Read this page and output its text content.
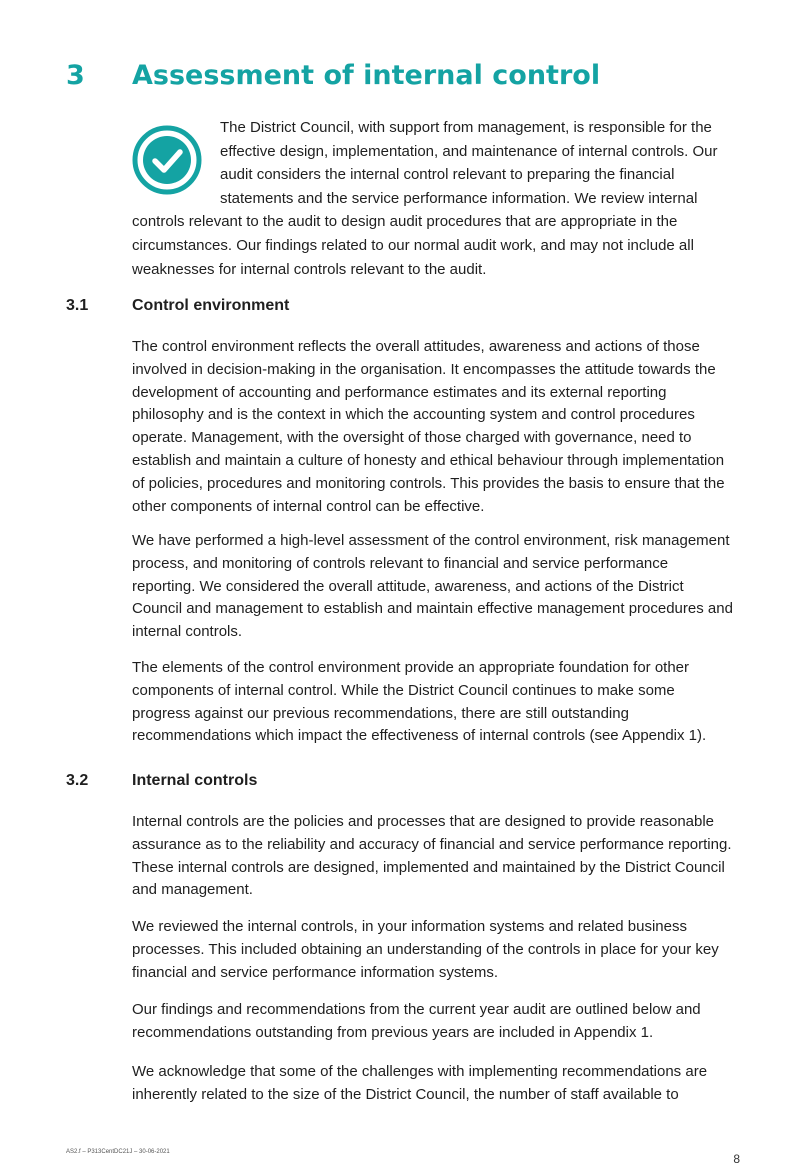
3 Assessment of internal control

The District Council, with support from management, is responsible for the effective design, implementation, and maintenance of internal controls. Our audit considers the internal control relevant to preparing the financial statements and the service performance information. We review internal controls relevant to the audit to design audit procedures that are appropriate in the circumstances. Our findings related to our normal audit work, and may not include all weaknesses for internal controls relevant to the audit.

3.1	Control environment

The control environment reflects the overall attitudes, awareness and actions of those involved in decision-making in the organisation. It encompasses the attitude towards the development of accounting and performance estimates and its external reporting philosophy and is the context in which the accounting system and control procedures operate. Management, with the oversight of those charged with governance, need to establish and maintain a culture of honesty and ethical behaviour through implementation of policies, procedures and monitoring controls. This provides the basis to ensure that the other components of internal control can be effective.

We have performed a high-level assessment of the control environment, risk management process, and monitoring of controls relevant to financial and service performance reporting. We considered the overall attitude, awareness, and actions of the District Council and management to establish and maintain effective management procedures and internal controls.

The elements of the control environment provide an appropriate foundation for other components of internal control. While the District Council continues to make some progress against our previous recommendations, there are still outstanding recommendations which impact the effectiveness of internal controls (see Appendix 1).

3.2	Internal controls

Internal controls are the policies and processes that are designed to provide reasonable assurance as to the reliability and accuracy of financial and service performance reporting. These internal controls are designed, implemented and maintained by the District Council and management.

We reviewed the internal controls, in your information systems and related business processes. This included obtaining an understanding of the controls in place for your key financial and service performance information systems.

Our findings and recommendations from the current year audit are outlined below and recommendations outstanding from previous years are included in Appendix 1.

We acknowledge that some of the challenges with implementing recommendations are inherently related to the size of the District Council, the number of staff available to

AS2.f – P313CentDC21J – 30-06-2021	8
